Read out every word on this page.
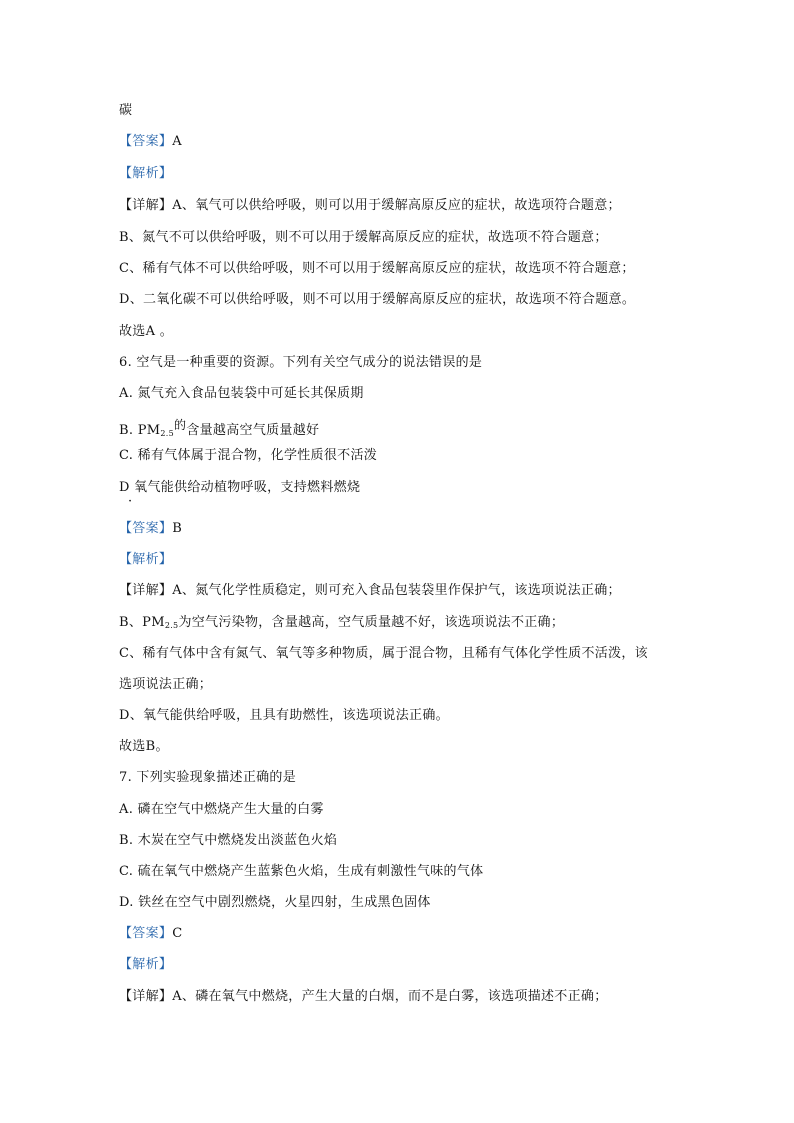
碳
【答案】A
【解析】
【详解】A、氧气可以供给呼吸，则可以用于缓解高原反应的症状，故选项符合题意；
B、氮气不可以供给呼吸，则不可以用于缓解高原反应的症状，故选项不符合题意；
C、稀有气体不可以供给呼吸，则不可以用于缓解高原反应的症状，故选项不符合题意；
D、二氧化碳不可以供给呼吸，则不可以用于缓解高原反应的症状，故选项不符合题意。
故选A 。
6. 空气是一种重要的资源。下列有关空气成分的说法错误的是
A. 氮气充入食品包装袋中可延长其保质期
B. $PM_{2.5}$的含量越高空气质量越好
C. 稀有气体属于混合物，化学性质很不活泼
D 氧气能供给动植物呼吸，支持燃料燃烧
·
【答案】B
【解析】
【详解】A、氮气化学性质稳定，则可充入食品包装袋里作保护气，该选项说法正确；
B、$PM_{2.5}$为空气污染物，含量越高，空气质量越不好，该选项说法不正确；
C、稀有气体中含有氮气、氧气等多种物质，属于混合物，且稀有气体化学性质不活泼，该
选项说法正确；
D、氧气能供给呼吸，且具有助燃性，该选项说法正确。
故选B。
7. 下列实验现象描述正确的是
A. 磷在空气中燃烧产生大量的白雾
B. 木炭在空气中燃烧发出淡蓝色火焰
C. 硫在氧气中燃烧产生蓝紫色火焰，生成有刺激性气味的气体
D. 铁丝在空气中剧烈燃烧，火星四射，生成黑色固体
【答案】C
【解析】
【详解】A、磷在氧气中燃烧，产生大量的白烟，而不是白雾，该选项描述不正确；
